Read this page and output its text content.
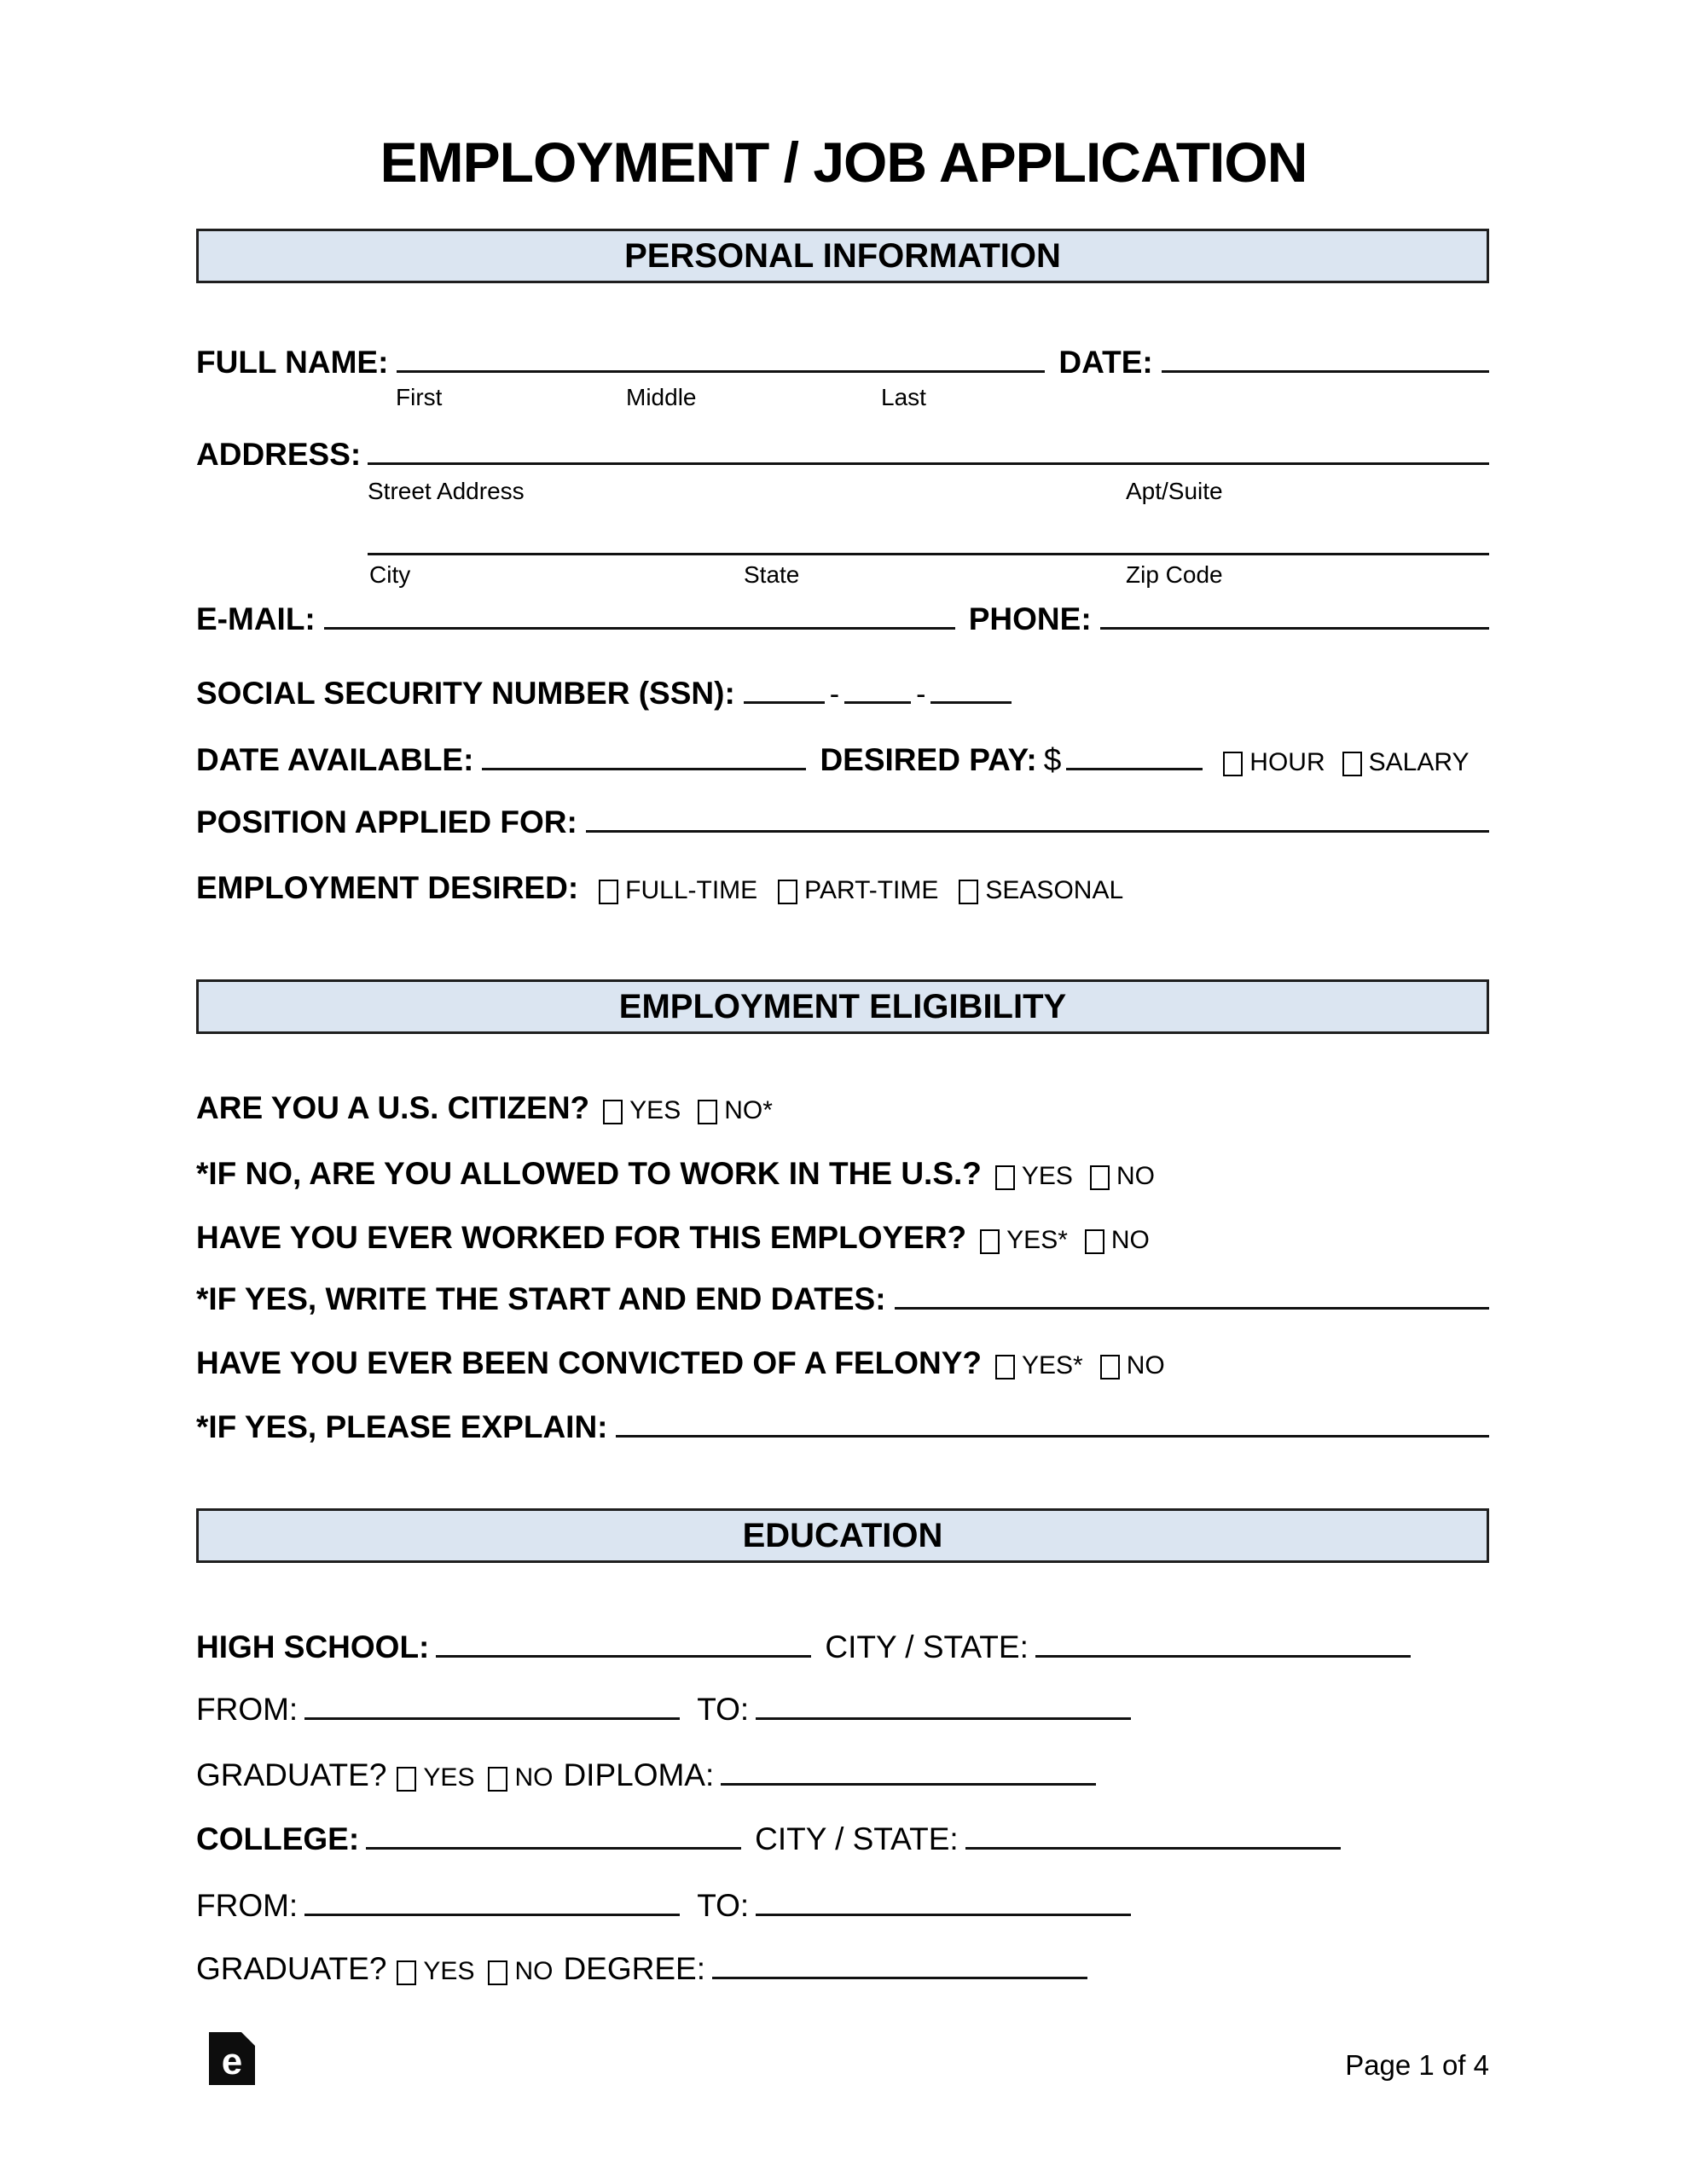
EMPLOYMENT / JOB APPLICATION
PERSONAL INFORMATION
FULL NAME:	DATE:
First	Middle	Last
ADDRESS:
Street Address	Apt/Suite
City	State	Zip Code
E-MAIL:	PHONE:
SOCIAL SECURITY NUMBER (SSN):	-	-
DATE AVAILABLE:	DESIRED PAY: $	HOUR SALARY
POSITION APPLIED FOR:
EMPLOYMENT DESIRED: FULL-TIME PART-TIME SEASONAL
EMPLOYMENT ELIGIBILITY
ARE YOU A U.S. CITIZEN? YES NO*
*IF NO, ARE YOU ALLOWED TO WORK IN THE U.S.? YES NO
HAVE YOU EVER WORKED FOR THIS EMPLOYER? YES* NO
*IF YES, WRITE THE START AND END DATES:
HAVE YOU EVER BEEN CONVICTED OF A FELONY? YES* NO
*IF YES, PLEASE EXPLAIN:
EDUCATION
HIGH SCHOOL:	CITY / STATE:
FROM:	TO:
GRADUATE? YES NO DIPLOMA:
COLLEGE:	CITY / STATE:
FROM:	TO:
GRADUATE? YES NO DEGREE:
e	Page 1 of 4
